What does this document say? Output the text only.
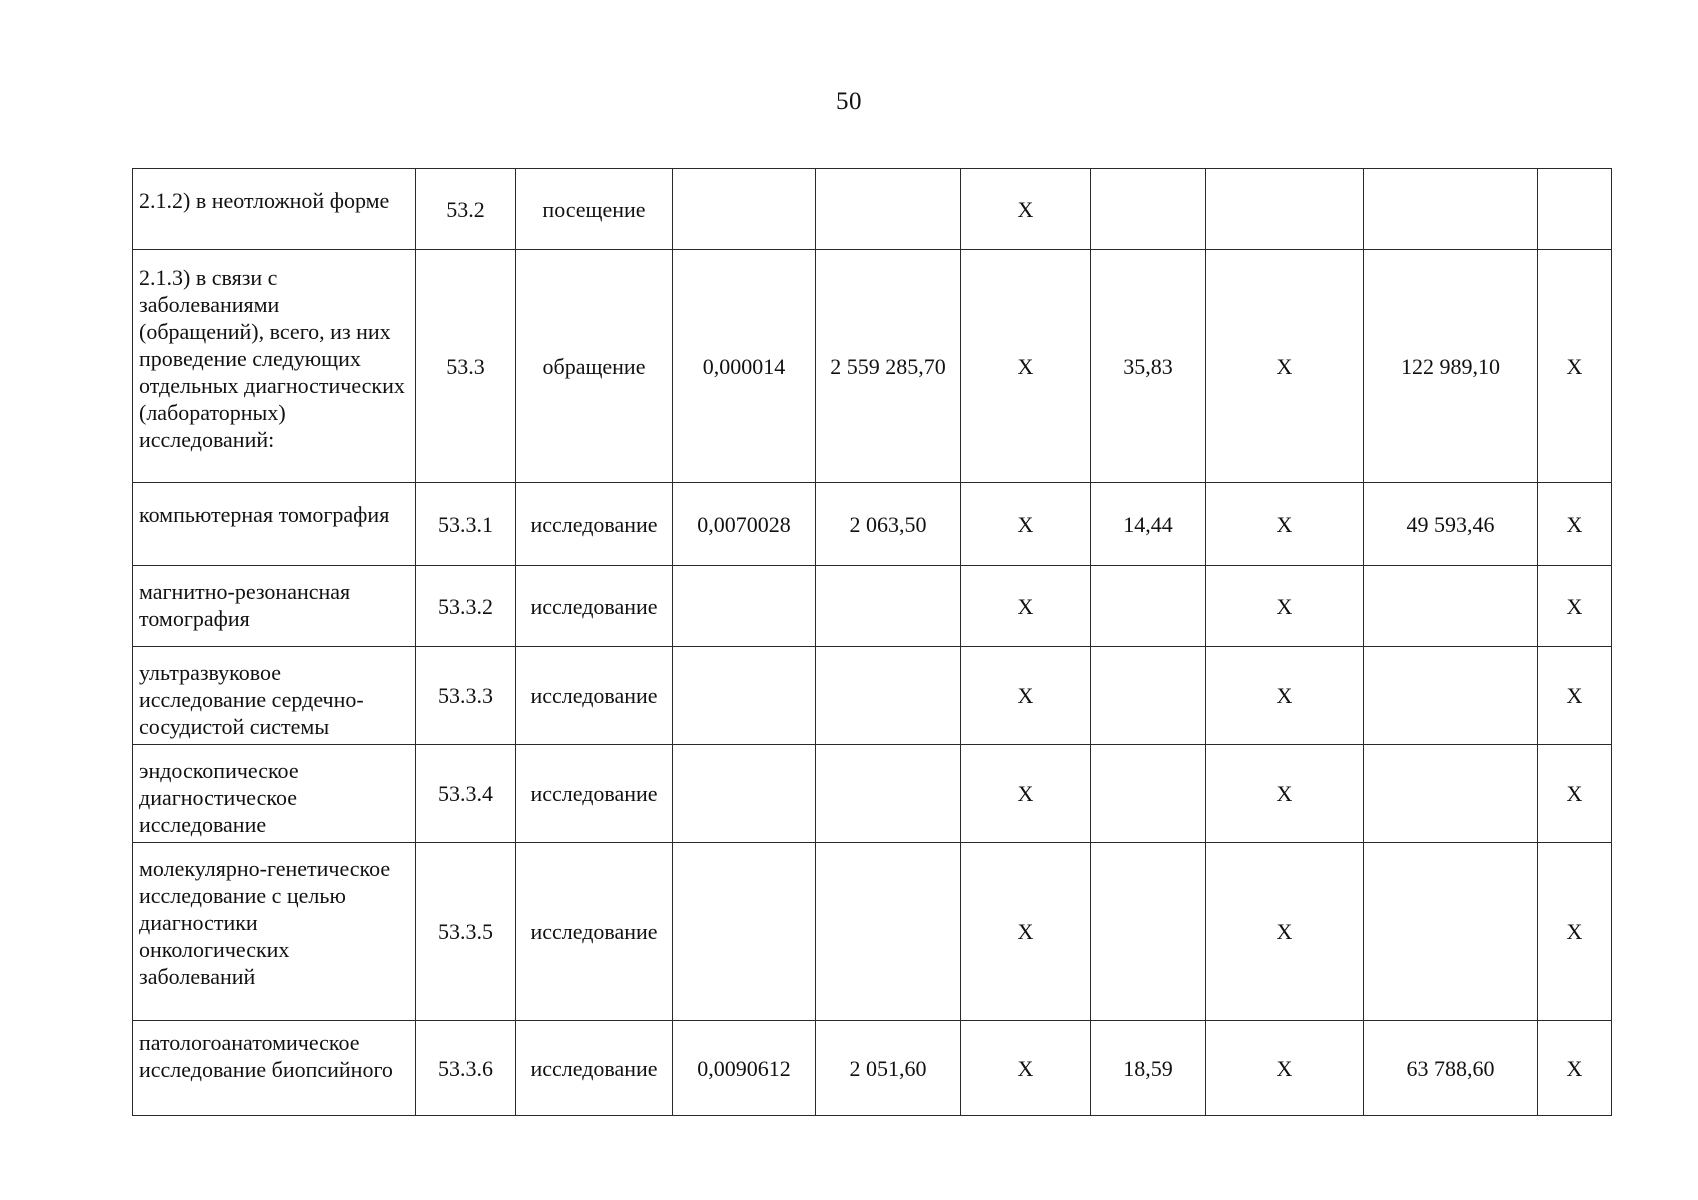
50
2.1.2) в неотложной форме	53.2	посещение			X				
2.1.3) в связи с заболеваниями (обращений), всего, из них проведение следующих отдельных диагностических (лабораторных) исследований:	53.3	обращение	0,000014	2 559 285,70	X	35,83	X	122 989,10	X
компьютерная томография	53.3.1	исследование	0,0070028	2 063,50	X	14,44	X	49 593,46	X
магнитно-резонансная томография	53.3.2	исследование			X		X		X
ультразвуковое исследование сердечно-сосудистой системы	53.3.3	исследование			X		X		X
эндоскопическое диагностическое исследование	53.3.4	исследование			X		X		X
молекулярно-генетическое исследование с целью диагностики онкологических заболеваний	53.3.5	исследование			X		X		X
патологоанатомическое исследование биопсийного	53.3.6	исследование	0,0090612	2 051,60	X	18,59	X	63 788,60	X
